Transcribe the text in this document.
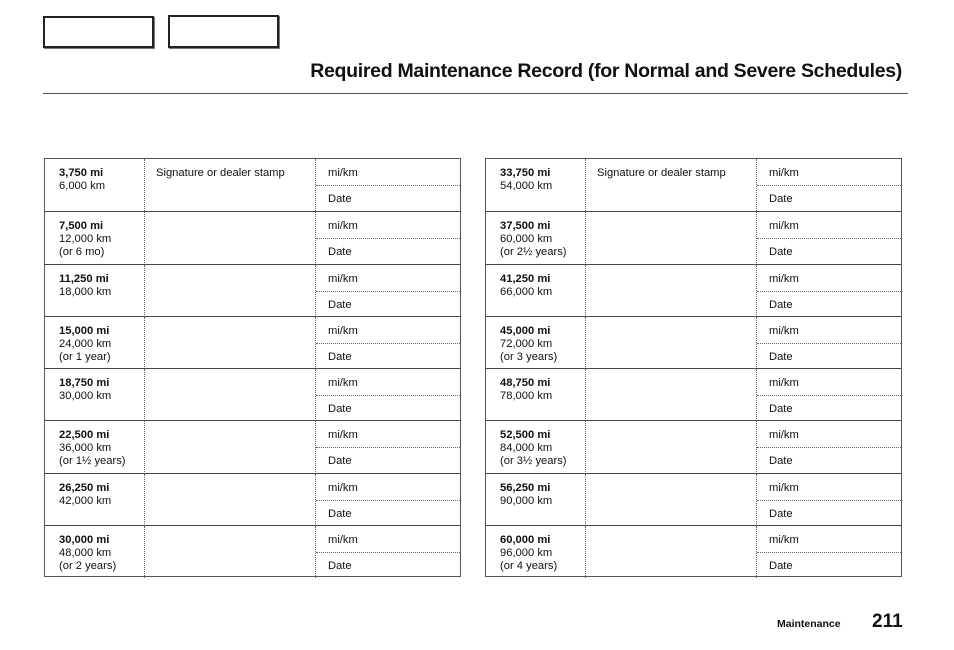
Required Maintenance Record (for Normal and Severe Schedules)
3,750 mi
6,000 km
Signature or dealer stamp	mi/km
Date
7,500 mi
12,000 km
(or 6 mo)
mi/km
Date
11,250 mi
18,000 km
mi/km
Date
15,000 mi
24,000 km
(or 1 year)
mi/km
Date
18,750 mi
30,000 km
mi/km
Date
22,500 mi
36,000 km
(or 1½ years)
mi/km
Date
26,250 mi
42,000 km
mi/km
Date
30,000 mi
48,000 km
(or 2 years)
mi/km
Date
33,750 mi
54,000 km
Signature or dealer stamp	mi/km
Date
37,500 mi
60,000 km
(or 2½ years)
mi/km
Date
41,250 mi
66,000 km
mi/km
Date
45,000 mi
72,000 km
(or 3 years)
mi/km
Date
48,750 mi
78,000 km
mi/km
Date
52,500 mi
84,000 km
(or 3½ years)
mi/km
Date
56,250 mi
90,000 km
mi/km
Date
60,000 mi
96,000 km
(or 4 years)
mi/km
Date
Maintenance 211
